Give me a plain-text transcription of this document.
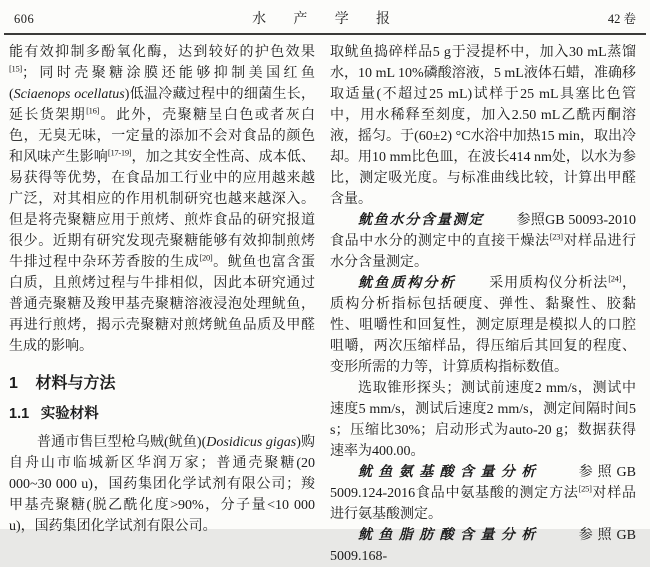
606	水 产 学 报	42 卷

能有效抑制多酚氧化酶，达到较好的护色效果[15]；同时壳聚糖涂膜还能够抑制美国红鱼(Sciaenops ocellatus)低温冷藏过程中的细菌生长，延长货架期[16]。此外，壳聚糖呈白色或者灰白色，无臭无味，一定量的添加不会对食品的颜色和风味产生影响[17-19]，加之其安全性高、成本低、易获得等优势，在食品加工行业中的应用越来越广泛，对其相应的作用机制研究也越来越深入。但是将壳聚糖应用于煎烤、煎炸食品的研究报道很少。近期有研究发现壳聚糖能够有效抑制煎烤牛排过程中杂环芳香胺的生成[20]。鱿鱼也富含蛋白质，且煎烤过程与牛排相似，因此本研究通过普通壳聚糖及羧甲基壳聚糖溶液浸泡处理鱿鱼，再进行煎烤，揭示壳聚糖对煎烤鱿鱼品质及甲醛生成的影响。

1 材料与方法
1.1 实验材料

普通市售巨型枪乌贼(鱿鱼)(Dosidicus gigas)购自舟山市临城新区华润万家；普通壳聚糖(20 000~30 000 u)，国药集团化学试剂有限公司；羧甲基壳聚糖(脱乙酰化度>90%，分子量<10 000 u)，国药集团化学试剂有限公司。

取鱿鱼捣碎样品5 g于浸提杯中，加入30 mL蒸馏水，10 mL 10%磷酸溶液，5 mL液体石蜡，准确移取适量(不超过25 mL)试样于25 mL具塞比色管中，用水稀释至刻度，加入2.50 mL乙酰丙酮溶液，摇匀。于(60±2) °C水浴中加热15 min，取出冷却。用10 mm比色皿，在波长414 nm处，以水为参比，测定吸光度。与标准曲线比较，计算出甲醛含量。

鱿鱼水分含量测定 参照GB 50093-2010食品中水分的测定中的直接干燥法[23]对样品进行水分含量测定。

鱿鱼质构分析 采用质构仪分析法[24]，质构分析指标包括硬度、弹性、黏聚性、胶黏性、咀嚼性和回复性，测定原理是模拟人的口腔咀嚼，两次压缩样品，得压缩后其回复的程度、变形所需的力等，计算质构指标数值。

选取锥形探头；测试前速度2 mm/s，测试中速度5 mm/s，测试后速度2 mm/s，测定间隔时间5 s；压缩比30%；启动形式为auto-20 g；数据获得速率为400.00。

鱿鱼氨基酸含量分析 参照GB 5009.124-2016食品中氨基酸的测定方法[25]对样品进行氨基酸测定。

鱿鱼脂肪酸含量分析 参照GB 5009.168-
